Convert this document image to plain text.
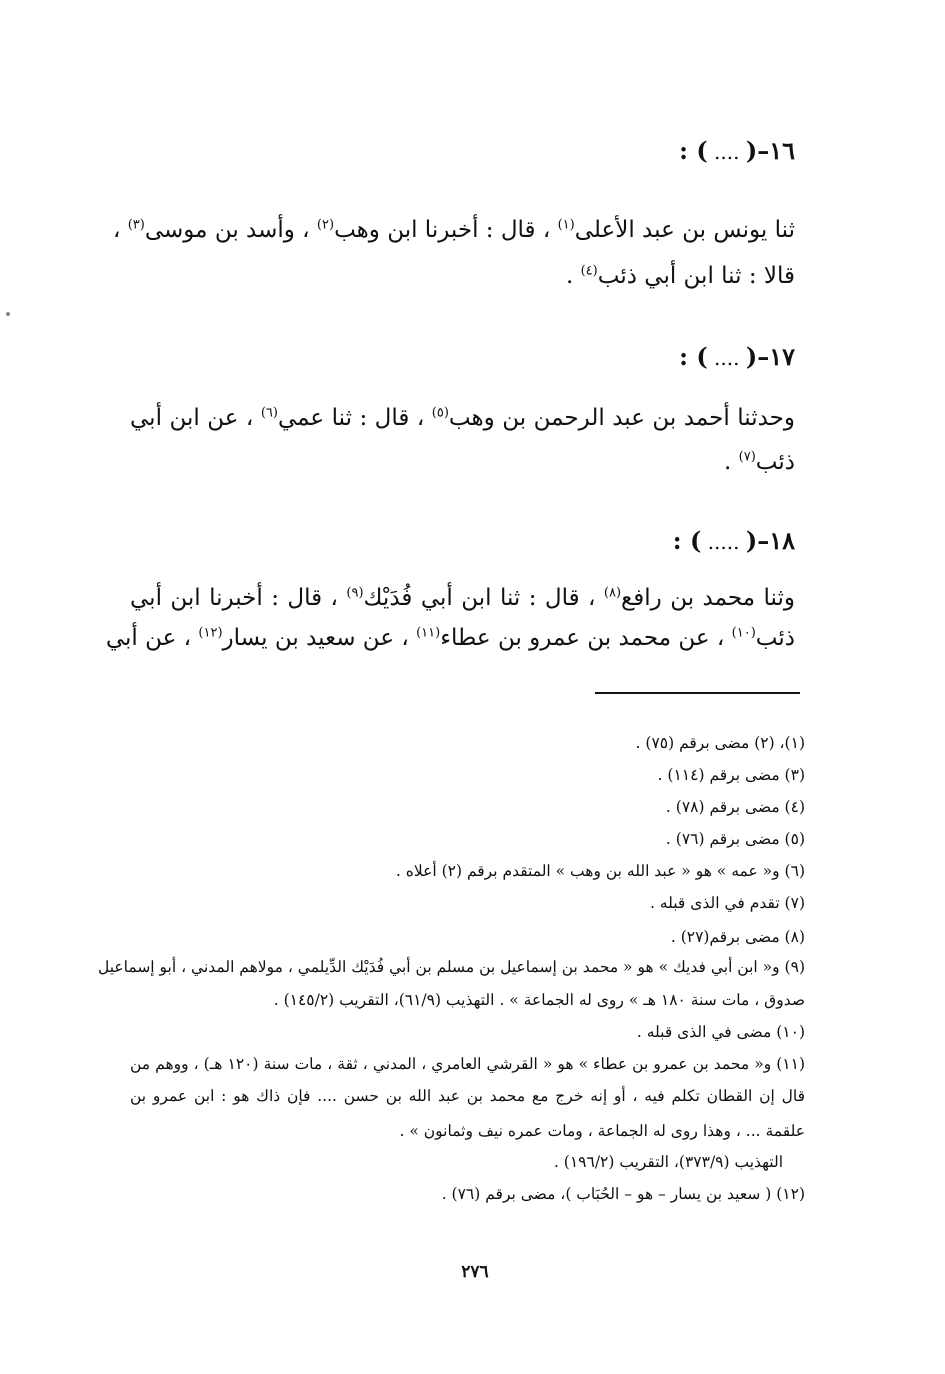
١٦–( .... ) :
ثنا يونس بن عبد الأعلى$^{(١)}$ ، قال : أخبرنا ابن وهب$^{(٢)}$ ، وأسد بن موسى$^{(٣)}$ ،
قالا : ثنا ابن أبي ذئب$^{(٤)}$ .
١٧–( .... ) :
وحدثنا أحمد بن عبد الرحمن بن وهب$^{(٥)}$ ، قال : ثنا عمي$^{(٦)}$ ، عن ابن أبي
ذئب$^{(٧)}$ .
١٨–( ..... ) :
وثنا محمد بن رافع$^{(٨)}$ ، قال : ثنا ابن أبي فُدَيْك$^{(٩)}$ ، قال : أخبرنا ابن أبي
ذئب$^{(١٠)}$ ، عن محمد بن عمرو بن عطاء$^{(١١)}$ ، عن سعيد بن يسار$^{(١٢)}$ ، عن أبي
(١)، (٢) مضى برقم (٧٥) .
(٣) مضى برقم (١١٤) .
(٤) مضى برقم (٧٨) .
(٥) مضى برقم (٧٦) .
(٦) و« عمه » هو « عبد الله بن وهب » المتقدم برقم (٢) أعلاه .
(٧) تقدم في الذى قبله .
(٨) مضى برقم(٢٧) .
(٩) و« ابن أبي فديك » هو « محمد بن إسماعيل بن مسلم بن أبي فُدَيْك الدِّيلمي ، مولاهم المدني ، أبو إسماعيل
صدوق ، مات سنة ١٨٠ هـ » روى له الجماعة » . التهذيب (٦١/٩)، التقريب (١٤٥/٢) .
(١٠) مضى في الذى قبله .
(١١) و« محمد بن عمرو بن عطاء » هو « القرشي العامري ، المدني ، ثقة ، مات سنة (١٢٠ هـ) ، ووهم من
قال إن القطان تكلم فيه ، أو إنه خرج مع محمد بن عبد الله بن حسن .... فإن ذاك هو : ابن عمرو بن
علقمة ... ، وهذا روى له الجماعة ، ومات عمره نيف وثمانون » .
التهذيب (٣٧٣/٩)، التقريب (١٩٦/٢) .
(١٢) ( سعيد بن يسار – هو – الحُبَاب )، مضى برقم (٧٦) .
٢٧٦
